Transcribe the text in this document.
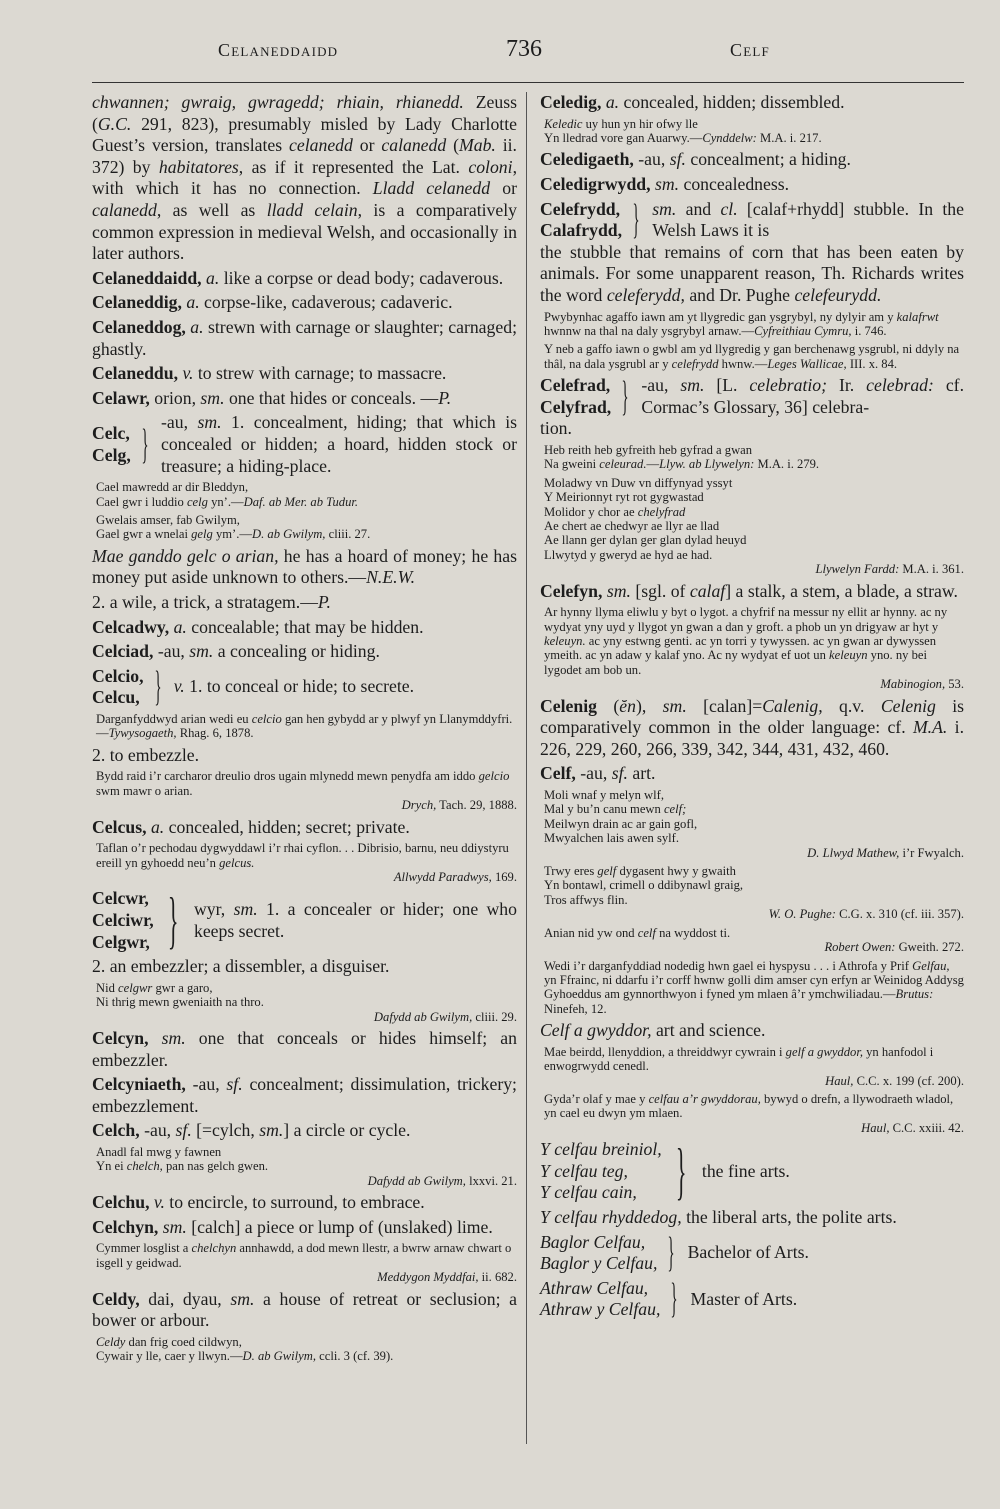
Celaneddaidd	736	Celf
chwannen; gwraig, gwragedd; rhiain, rhianedd. Zeuss (G.C. 291, 823), presumably misled by Lady Charlotte Guest’s version, translates celanedd or calanedd (Mab. ii. 372) by habitatores, as if it represented the Lat. coloni, with which it has no connection. Lladd celanedd or calanedd, as well as lladd celain, is a comparatively common expression in medieval Welsh, and occasionally in later authors.
Celaneddaidd, a. like a corpse or dead body; cadaverous.
Celaneddig, a. corpse-like, cadaverous; cadaveric.
Celaneddog, a. strewn with carnage or slaughter; carnaged; ghastly.
Celaneddu, v. to strew with carnage; to massacre.
Celawr, orion, sm. one that hides or conceals. —P.
Celc,
Celg, } -au, sm. 1. concealment, hiding; that which is concealed or hidden; a hoard, hidden stock or treasure; a hiding-place.
Cael mawredd ar dir Bleddyn,
Cael gwr i luddio celg yn’.—Daf. ab Mer. ab Tudur.
Gwelais amser, fab Gwilym,
Gael gwr a wnelai gelg ym’.—D. ab Gwilym, cliii. 27.
Mae ganddo gelc o arian, he has a hoard of money; he has money put aside unknown to others.—N.E.W.
2. a wile, a trick, a stratagem.—P.
Celcadwy, a. concealable; that may be hidden.
Celciad, -au, sm. a concealing or hiding.
Celcio,
Celcu, } v. 1. to conceal or hide; to secrete.
Darganfyddwyd arian wedi eu celcio gan hen gybydd ar y plwyf yn Llanymddyfri.—Tywysogaeth, Rhag. 6, 1878.
2. to embezzle.
Bydd raid i’r carcharor dreulio dros ugain mlynedd mewn penydfa am iddo gelcio swm mawr o arian.
Drych, Tach. 29, 1888.
Celcus, a. concealed, hidden; secret; private.
Taflan o’r pechodau dygwyddawl i’r rhai cyflon. . . Dibrisio, barnu, neu ddiystyru ereill yn gyhoedd neu’n gelcus.
Allwydd Paradwys, 169.
Celcwr,
Celciwr,
Celgwr, } wyr, sm. 1. a concealer or hider; one who keeps secret.
2. an embezzler; a dissembler, a disguiser.
Nid celgwr gwr a garo,
Ni thrig mewn gweniaith na thro.
Dafydd ab Gwilym, cliii. 29.
Celcyn, sm. one that conceals or hides himself; an embezzler.
Celcyniaeth, -au, sf. concealment; dissimulation, trickery; embezzlement.
Celch, -au, sf. [=cylch, sm.] a circle or cycle.
Anadl fal mwg y fawnen
Yn ei chelch, pan nas gelch gwen.
Dafydd ab Gwilym, lxxvi. 21.
Celchu, v. to encircle, to surround, to embrace.
Celchyn, sm. [calch] a piece or lump of (unslaked) lime.
Cymmer losglist a chelchyn annhawdd, a dod mewn llestr, a bwrw arnaw chwart o isgell y geidwad.
Meddygon Myddfai, ii. 682.
Celdy, dai, dyau, sm. a house of retreat or seclusion; a bower or arbour.
Celdy dan frig coed cildwyn,
Cywair y lle, caer y llwyn.—D. ab Gwilym, ccli. 3 (cf. 39).
Celedig, a. concealed, hidden; dissembled.
Keledic uy hun yn hir ofwy lle
Yn lledrad vore gan Auarwy.—Cynddelw: M.A. i. 217.
Celedigaeth, -au, sf. concealment; a hiding.
Celedigrwydd, sm. concealedness.
Celefrydd,
Calafrydd, } sm. and cl. [calaf+rhydd] stubble. In the Welsh Laws it is
the stubble that remains of corn that has been eaten by animals. For some unapparent reason, Th. Richards writes the word celeferydd, and Dr. Pughe celefeurydd.
Pwybynhac agaffo iawn am yt llygredic gan ysgrybyl, ny dylyir am y kalafrwt hwnnw na thal na daly ysgrybyl arnaw.—Cyfreithiau Cymru, i. 746.
Y neb a gaffo iawn o gwbl am yd llygredig y gan berchenawg ysgrubl, ni ddyly na thâl, na dala ysgrubl ar y celefrydd hwnw.—Leges Wallicae, III. x. 84.
Celefrad,
Celyfrad, } -au, sm. [L. celebratio; Ir. celebrad: cf. Cormac’s Glossary, 36] celebra-
tion.
Heb reith heb gyfreith heb gyfrad a gwan
Na gweini celeurad.—Llyw. ab Llywelyn: M.A. i. 279.
Moladwy vn Duw vn diffynyad yssyt
Y Meirionnyt ryt rot gygwastad
Molidor y chor ae chelyfrad
Ae chert ae chedwyr ae llyr ae llad
Ae llann ger dylan ger glan dylad heuyd
Llwytyd y gweryd ae hyd ae had.
Llywelyn Fardd: M.A. i. 361.
Celefyn, sm. [sgl. of calaf] a stalk, a stem, a blade, a straw.
Ar hynny llyma eliwlu y byt o lygot. a chyfrif na messur ny ellit ar hynny. ac ny wydyat yny uyd y llygot yn gwan a dan y groft. a phob un yn drigyaw ar hyt y keleuyn. ac yny estwng genti. ac yn torri y tywyssen. ac yn gwan ar dywyssen ymeith. ac yn adaw y kalaf yno. Ac ny wydyat ef uot un keleuyn yno. ny bei lygodet am bob un.
Mabinogion, 53.
Celenig (ĕn), sm. [calan]=Calenig, q.v. Celenig is comparatively common in the older language: cf. M.A. i. 226, 229, 260, 266, 339, 342, 344, 431, 432, 460.
Celf, -au, sf. art.
Moli wnaf y melyn wlf,
Mal y bu’n canu mewn celf;
Meilwyn drain ac ar gain gofl,
Mwyalchen lais awen sylf.
D. Llwyd Mathew, i’r Fwyalch.
Trwy eres gelf dygasent hwy y gwaith
Yn bontawl, crimell o ddibynawl graig,
Tros affwys flin.
W. O. Pughe: C.G. x. 310 (cf. iii. 357).
Anian nid yw ond celf na wyddost ti.
Robert Owen: Gweith. 272.
Wedi i’r darganfyddiad nodedig hwn gael ei hyspysu . . . i Athrofa y Prif Gelfau, yn Ffrainc, ni ddarfu i’r corff hwnw golli dim amser cyn erfyn ar Weinidog Addysg Gyhoeddus am gynnorthwyon i fyned ym mlaen â’r ymchwiliadau.—Brutus: Ninefeh, 12.
Celf a gwyddor, art and science.
Mae beirdd, llenyddion, a threiddwyr cywrain i gelf a gwyddor, yn hanfodol i enwogrwydd cenedl.
Haul, C.C. x. 199 (cf. 200).
Gyda’r olaf y mae y celfau a’r gwyddorau, bywyd o drefn, a llywodraeth wladol, yn cael eu dwyn ym mlaen.
Haul, C.C. xxiii. 42.
Y celfau breiniol,
Y celfau teg,
Y celfau cain, } the fine arts.
Y celfau rhyddedog, the liberal arts, the polite arts.
Baglor Celfau,
Baglor y Celfau, } Bachelor of Arts.
Athraw Celfau,
Athraw y Celfau, } Master of Arts.
